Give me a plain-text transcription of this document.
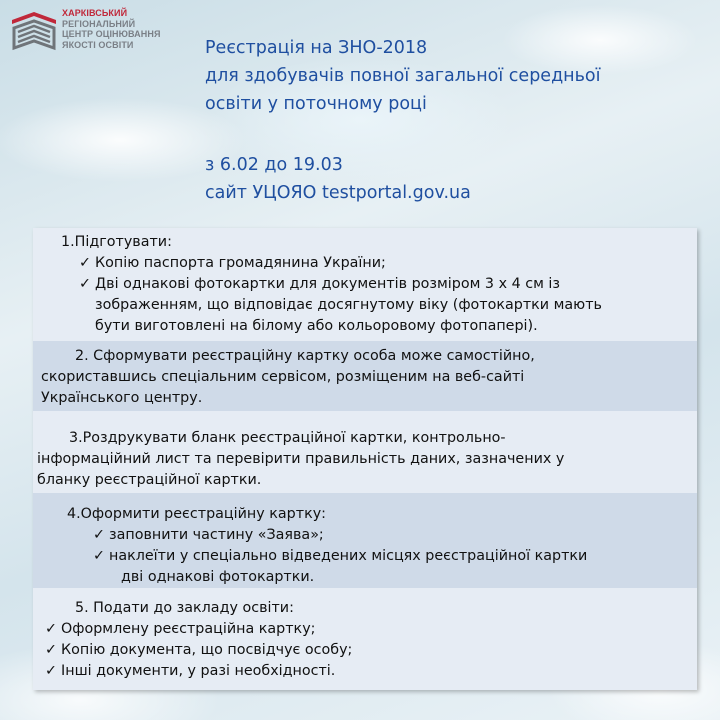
ХАРКІВСЬКИЙ
РЕГІОНАЛЬНИЙ
ЦЕНТР ОЦІНЮВАННЯ
ЯКОСТІ ОСВІТИ	Реєстрація на ЗНО-2018
для здобувачів повної загальної середньої
освіти у поточному році
з 6.02 до 19.03
сайт УЦОЯО testportal.gov.ua
1.Підготувати:
✓ Копію паспорта громадянина України;
✓ Дві однакові фотокартки для документів розміром 3 х 4 см із
зображенням, що відповідає досягнутому віку (фотокартки мають
бути виготовлені на білому або кольоровому фотопапері).
2. Сформувати реєстраційну картку особа може самостійно,
скориставшись спеціальним сервісом, розміщеним на веб-сайті
Українського центру.
3.Роздрукувати бланк реєстраційної картки, контрольно-
інформаційний лист та перевірити правильність даних, зазначених у
бланку реєстраційної картки.
4.Оформити реєстраційну картку:
✓ заповнити частину «Заява»;
✓ наклеїти у спеціально відведених місцях реєстраційної картки
дві однакові фотокартки.
5. Подати до закладу освіти:
✓ Оформлену реєстраційна картку;
✓ Копію документа, що посвідчує особу;
✓ Інші документи, у разі необхідності.
